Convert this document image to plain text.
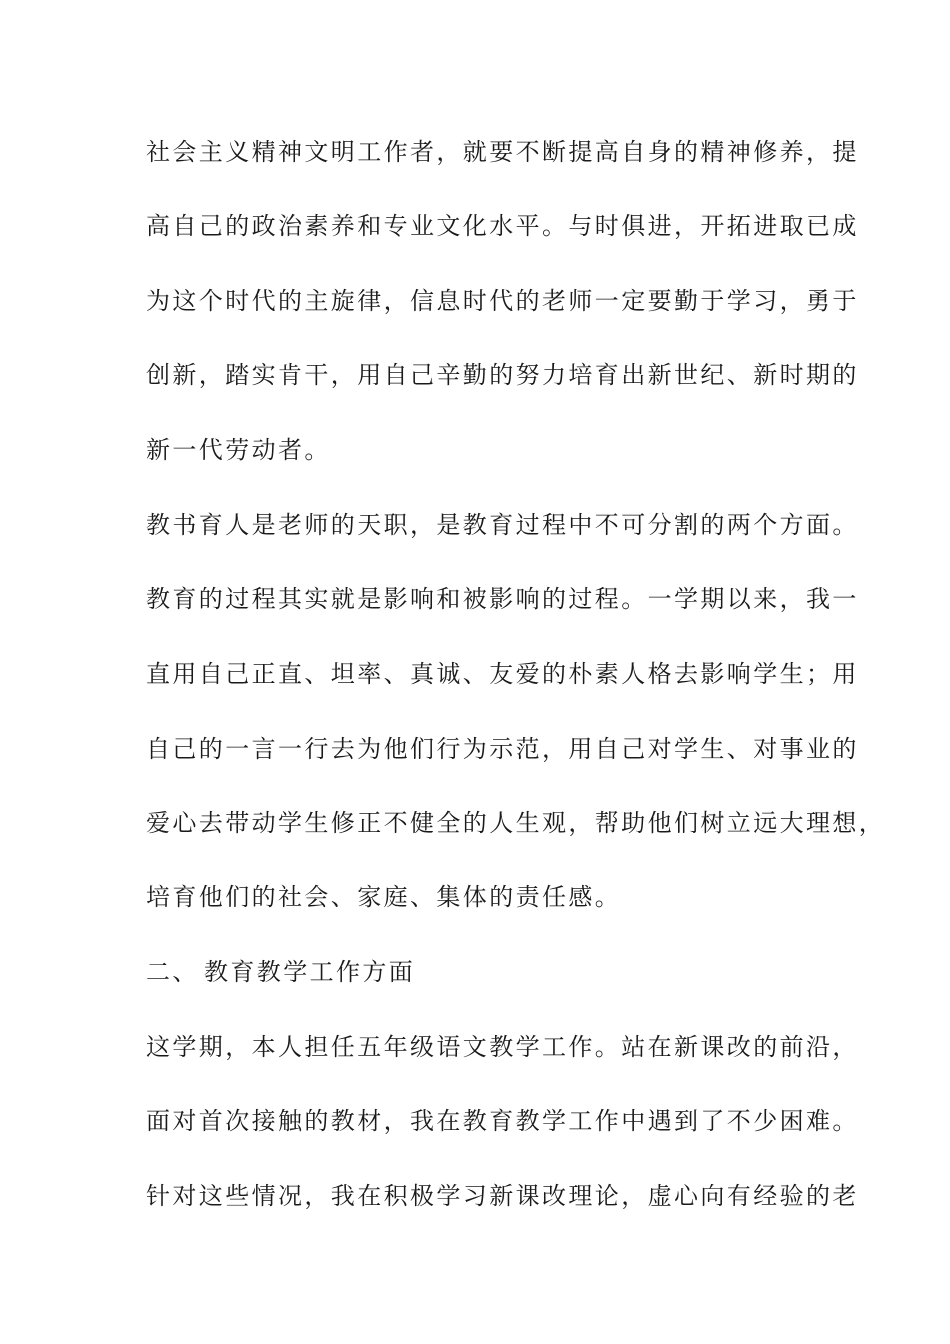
社会主义精神文明工作者，就要不断提高自身的精神修养，提
高自己的政治素养和专业文化水平。与时俱进，开拓进取已成
为这个时代的主旋律，信息时代的老师一定要勤于学习，勇于
创新，踏实肯干，用自己辛勤的努力培育出新世纪、新时期的
新一代劳动者。
教书育人是老师的天职，是教育过程中不可分割的两个方面。
教育的过程其实就是影响和被影响的过程。一学期以来，我一
直用自己正直、坦率、真诚、友爱的朴素人格去影响学生；用
自己的一言一行去为他们行为示范，用自己对学生、对事业的
爱心去带动学生修正不健全的人生观，帮助他们树立远大理想，
培育他们的社会、家庭、集体的责任感。
二、 教育教学工作方面
这学期，本人担任五年级语文教学工作。站在新课改的前沿，
面对首次接触的教材，我在教育教学工作中遇到了不少困难。
针对这些情况，我在积极学习新课改理论，虚心向有经验的老
